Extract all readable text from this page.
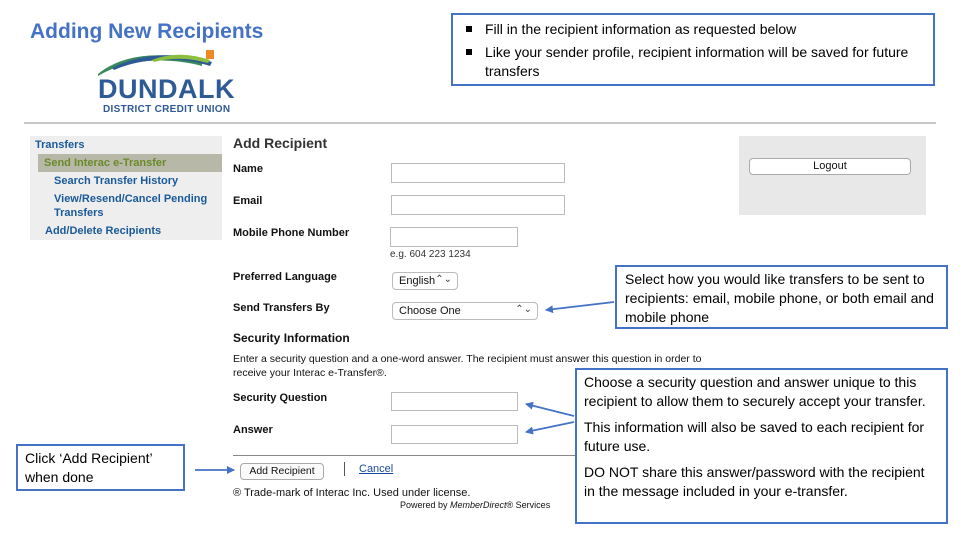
Adding New Recipients
DUNDALK
DISTRICT CREDIT UNION
Fill in the recipient information as requested below
Like your sender profile, recipient information will be saved for future transfers
Transfers
Send Interac e-Transfer
Search Transfer History
View/Resend/Cancel Pending Transfers
Add/Delete Recipients
Add Recipient
Name
Email
Mobile Phone Number
e.g. 604 223 1234
Preferred Language	English ⌃⌄
Send Transfers By	Choose One	⌃⌄
Security Information
Enter a security question and a one-word answer. The recipient must answer this question in order to receive your Interac e-Transfer®.
Security Question
Answer
Add Recipient	Cancel
® Trade-mark of Interac Inc. Used under license.
Powered by MemberDirect® Services
Logout
Select how you would like transfers to be sent to recipients: email, mobile phone, or both email and mobile phone

Choose a security question and answer unique to this recipient to allow them to securely accept your transfer.

This information will also be saved to each recipient for future use.

DO NOT share this answer/password with the recipient in the message included in your e-transfer.

Click ‘Add Recipient’ when done
